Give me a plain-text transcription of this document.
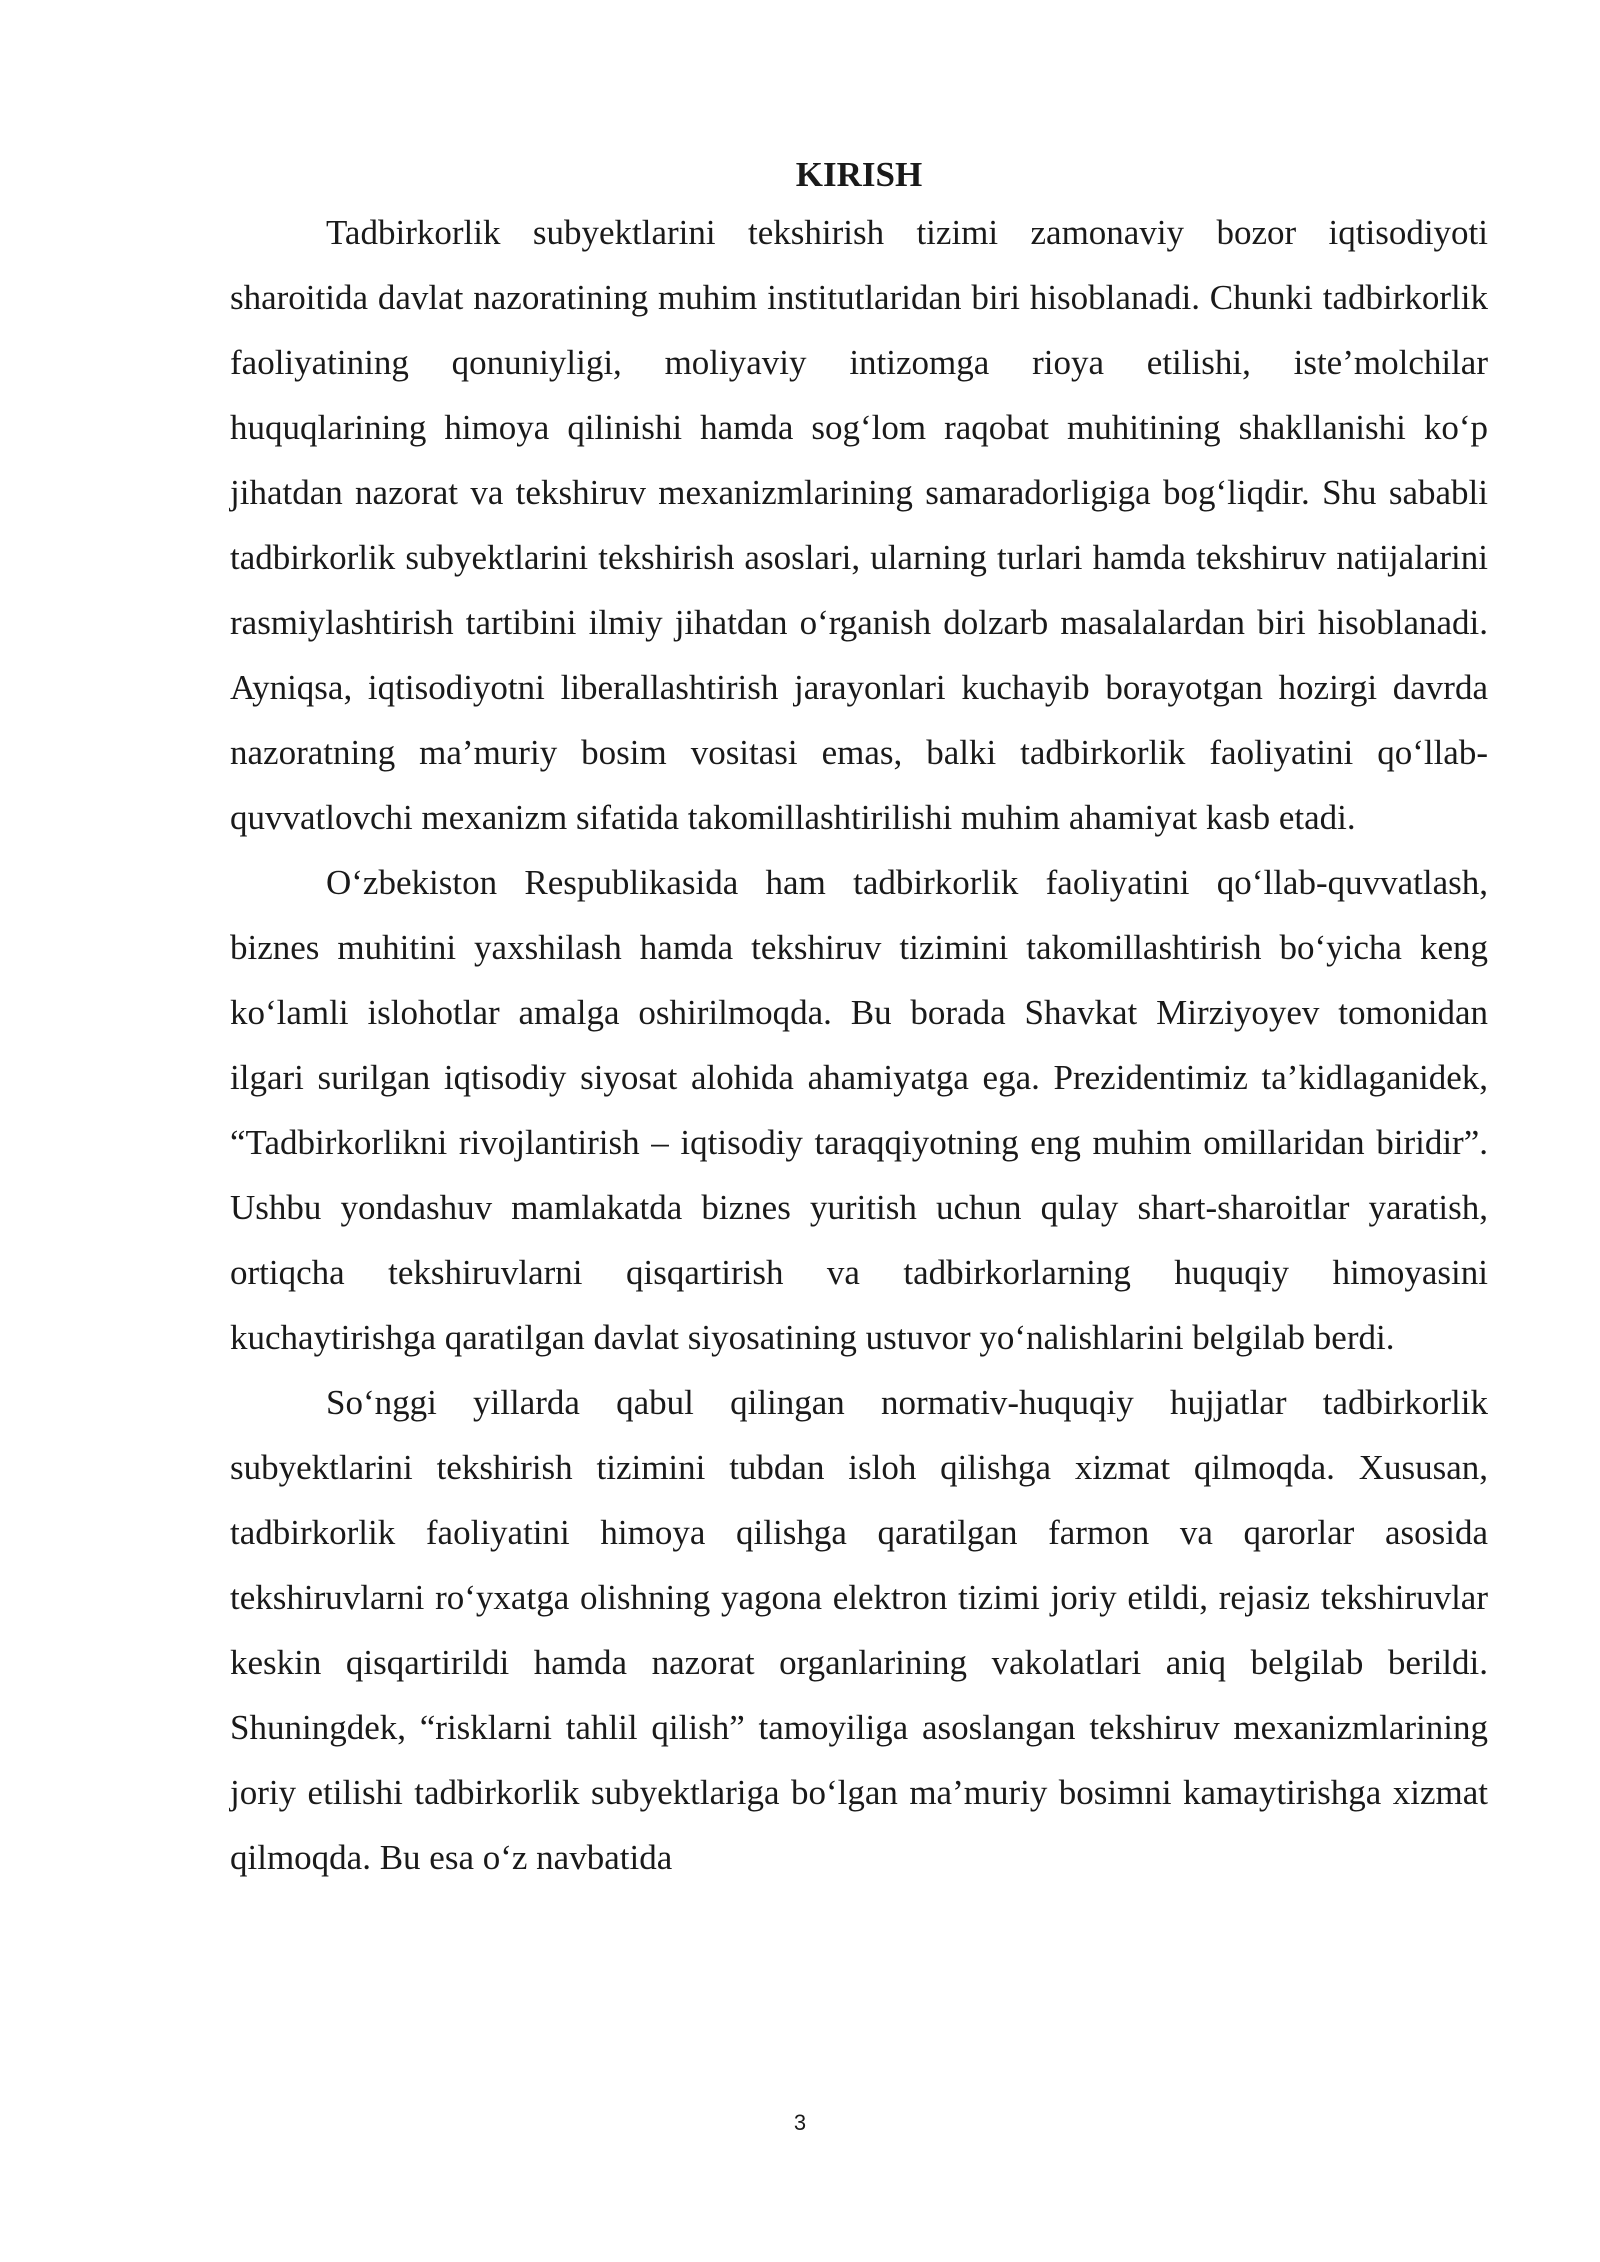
KIRISH

Tadbirkorlik subyektlarini tekshirish tizimi zamonaviy bozor iqtisodiyoti sharoitida davlat nazoratining muhim institutlaridan biri hisoblanadi. Chunki tadbirkorlik faoliyatining qonuniyligi, moliyaviy intizomga rioya etilishi, iste’molchilar huquqlarining himoya qilinishi hamda sog‘lom raqobat muhitining shakllanishi ko‘p jihatdan nazorat va tekshiruv mexanizmlarining samaradorligiga bog‘liqdir. Shu sababli tadbirkorlik subyektlarini tekshirish asoslari, ularning turlari hamda tekshiruv natijalarini rasmiylashtirish tartibini ilmiy jihatdan o‘rganish dolzarb masalalardan biri hisoblanadi. Ayniqsa, iqtisodiyotni liberallashtirish jarayonlari kuchayib borayotgan hozirgi davrda nazoratning ma’muriy bosim vositasi emas, balki tadbirkorlik faoliyatini qo‘llab-quvvatlovchi mexanizm sifatida takomillashtirilishi muhim ahamiyat kasb etadi.

O‘zbekiston Respublikasida ham tadbirkorlik faoliyatini qo‘llab-quvvatlash, biznes muhitini yaxshilash hamda tekshiruv tizimini takomillashtirish bo‘yicha keng ko‘lamli islohotlar amalga oshirilmoqda. Bu borada Shavkat Mirziyoyev tomonidan ilgari surilgan iqtisodiy siyosat alohida ahamiyatga ega. Prezidentimiz ta’kidlaganidek, “Tadbirkorlikni rivojlantirish – iqtisodiy taraqqiyotning eng muhim omillaridan biridir”. Ushbu yondashuv mamlakatda biznes yuritish uchun qulay shart-sharoitlar yaratish, ortiqcha tekshiruvlarni qisqartirish va tadbirkorlarning huquqiy himoyasini kuchaytirishga qaratilgan davlat siyosatining ustuvor yo‘nalishlarini belgilab berdi.

So‘nggi yillarda qabul qilingan normativ-huquqiy hujjatlar tadbirkorlik subyektlarini tekshirish tizimini tubdan isloh qilishga xizmat qilmoqda. Xususan, tadbirkorlik faoliyatini himoya qilishga qaratilgan farmon va qarorlar asosida tekshiruvlarni ro‘yxatga olishning yagona elektron tizimi joriy etildi, rejasiz tekshiruvlar keskin qisqartirildi hamda nazorat organlarining vakolatlari aniq belgilab berildi. Shuningdek, “risklarni tahlil qilish” tamoyiliga asoslangan tekshiruv mexanizmlarining joriy etilishi tadbirkorlik subyektlariga bo‘lgan ma’muriy bosimni kamaytirishga xizmat qilmoqda. Bu esa o‘z navbatida

3
